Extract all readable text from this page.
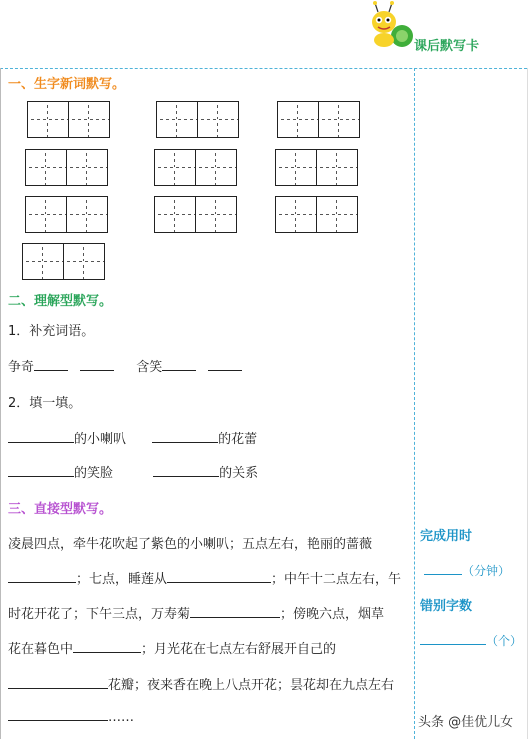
课后默写卡
一、生字新词默写。
二、理解型默写。
1．补充词语。
争奇	含笑
2．填一填。
的小喇叭	的花蕾
的笑脸	的关系
三、直接型默写。
凌晨四点，牵牛花吹起了紫色的小喇叭；五点左右，艳丽的蔷薇
；七点，睡莲从	；中午十二点左右，午
时花开花了；下午三点，万寿菊	；傍晚六点，烟草
花在暮色中	；月光花在七点左右舒展开自己的
花瓣；夜来香在晚上八点开花；昙花却在九点左右
……
完成用时
（分钟）
错别字数
（个）
头条 @佳优儿女
